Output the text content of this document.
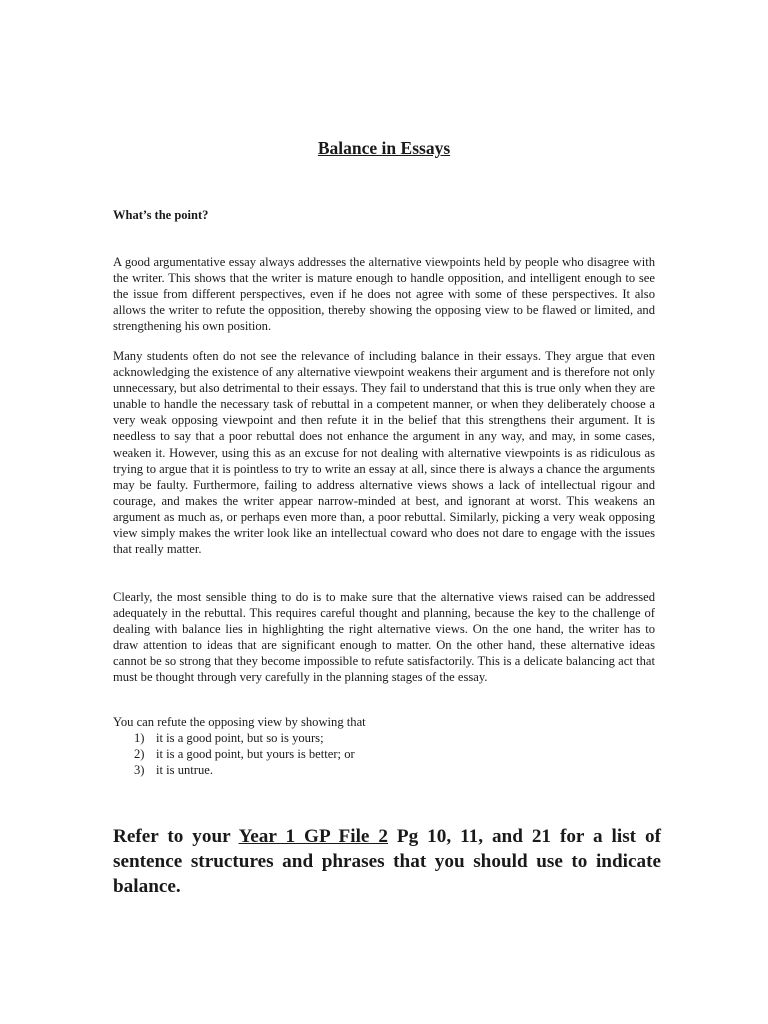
Balance in Essays

What’s the point?

A good argumentative essay always addresses the alternative viewpoints held by people who disagree with the writer. This shows that the writer is mature enough to handle opposition, and intelligent enough to see the issue from different perspectives, even if he does not agree with some of these perspectives. It also allows the writer to refute the opposition, thereby showing the opposing view to be flawed or limited, and strengthening his own position.

Many students often do not see the relevance of including balance in their essays. They argue that even acknowledging the existence of any alternative viewpoint weakens their argument and is therefore not only unnecessary, but also detrimental to their essays. They fail to understand that this is true only when they are unable to handle the necessary task of rebuttal in a competent manner, or when they deliberately choose a very weak opposing viewpoint and then refute it in the belief that this strengthens their argument. It is needless to say that a poor rebuttal does not enhance the argument in any way, and may, in some cases, weaken it. However, using this as an excuse for not dealing with alternative viewpoints is as ridiculous as trying to argue that it is pointless to try to write an essay at all, since there is always a chance the arguments may be faulty. Furthermore, failing to address alternative views shows a lack of intellectual rigour and courage, and makes the writer appear narrow-minded at best, and ignorant at worst. This weakens an argument as much as, or perhaps even more than, a poor rebuttal. Similarly, picking a very weak opposing view simply makes the writer look like an intellectual coward who does not dare to engage with the issues that really matter.

Clearly, the most sensible thing to do is to make sure that the alternative views raised can be addressed adequately in the rebuttal. This requires careful thought and planning, because the key to the challenge of dealing with balance lies in highlighting the right alternative views. On the one hand, the writer has to draw attention to ideas that are significant enough to matter. On the other hand, these alternative ideas cannot be so strong that they become impossible to refute satisfactorily. This is a delicate balancing act that must be thought through very carefully in the planning stages of the essay.

You can refute the opposing view by showing that

1) it is a good point, but so is yours;
2) it is a good point, but yours is better; or
3) it is untrue.

Refer to your Year 1 GP File 2 Pg 10, 11, and 21 for a list of sentence structures and phrases that you should use to indicate balance.
